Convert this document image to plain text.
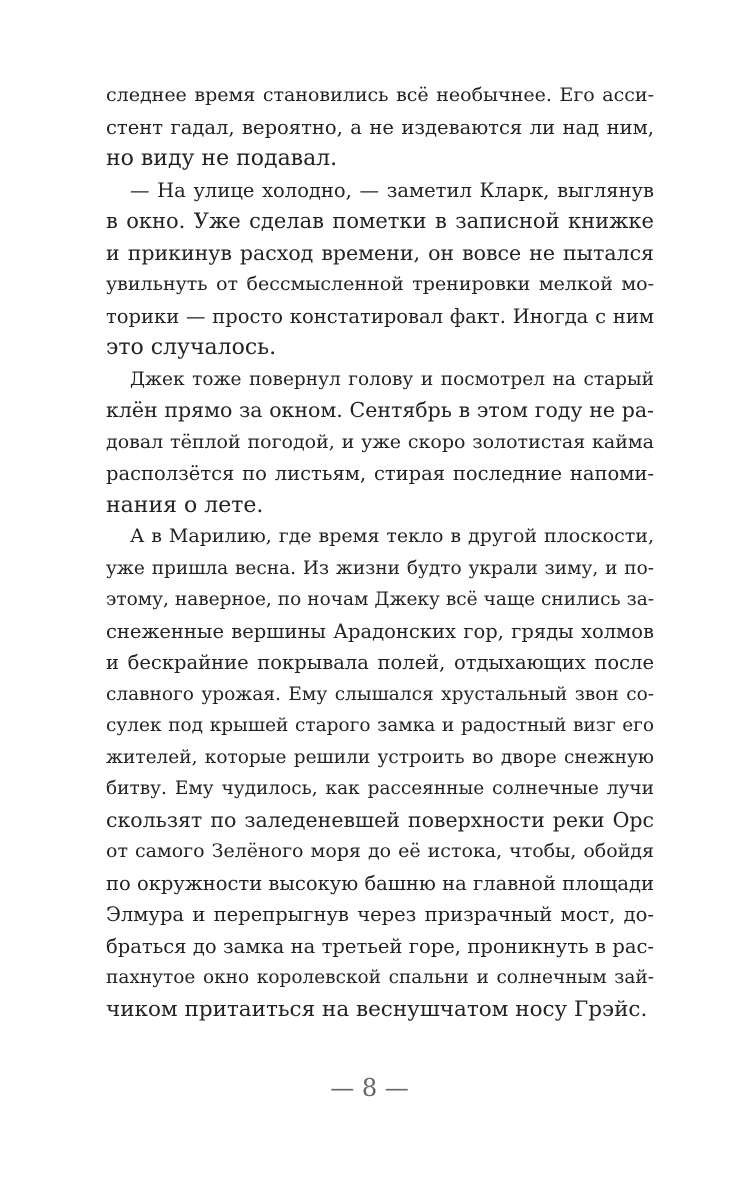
следнее время становились всё необычнее. Его асси-
стент гадал, вероятно, а не издеваются ли над ним,
но виду не подавал.
— На улице холодно, — заметил Кларк, выглянув
в окно. Уже сделав пометки в записной книжке
и прикинув расход времени, он вовсе не пытался
увильнуть от бессмысленной тренировки мелкой мо-
торики — просто констатировал факт. Иногда с ним
это случалось.
Джек тоже повернул голову и посмотрел на старый
клён прямо за окном. Сентябрь в этом году не ра-
довал тёплой погодой, и уже скоро золотистая кайма
расползётся по листьям, стирая последние напоми-
нания о лете.
А в Марилию, где время текло в другой плоскости,
уже пришла весна. Из жизни будто украли зиму, и по-
этому, наверное, по ночам Джеку всё чаще снились за-
снеженные вершины Арадонских гор, гряды холмов
и бескрайние покрывала полей, отдыхающих после
славного урожая. Ему слышался хрустальный звон со-
сулек под крышей старого замка и радостный визг его
жителей, которые решили устроить во дворе снежную
битву. Ему чудилось, как рассеянные солнечные лучи
скользят по заледеневшей поверхности реки Орс
от самого Зелёного моря до её истока, чтобы, обойдя
по окружности высокую башню на главной площади
Элмура и перепрыгнув через призрачный мост, до-
браться до замка на третьей горе, проникнуть в рас-
пахнутое окно королевской спальни и солнечным зай-
чиком притаиться на веснушчатом носу Грэйс.
— 8 —
